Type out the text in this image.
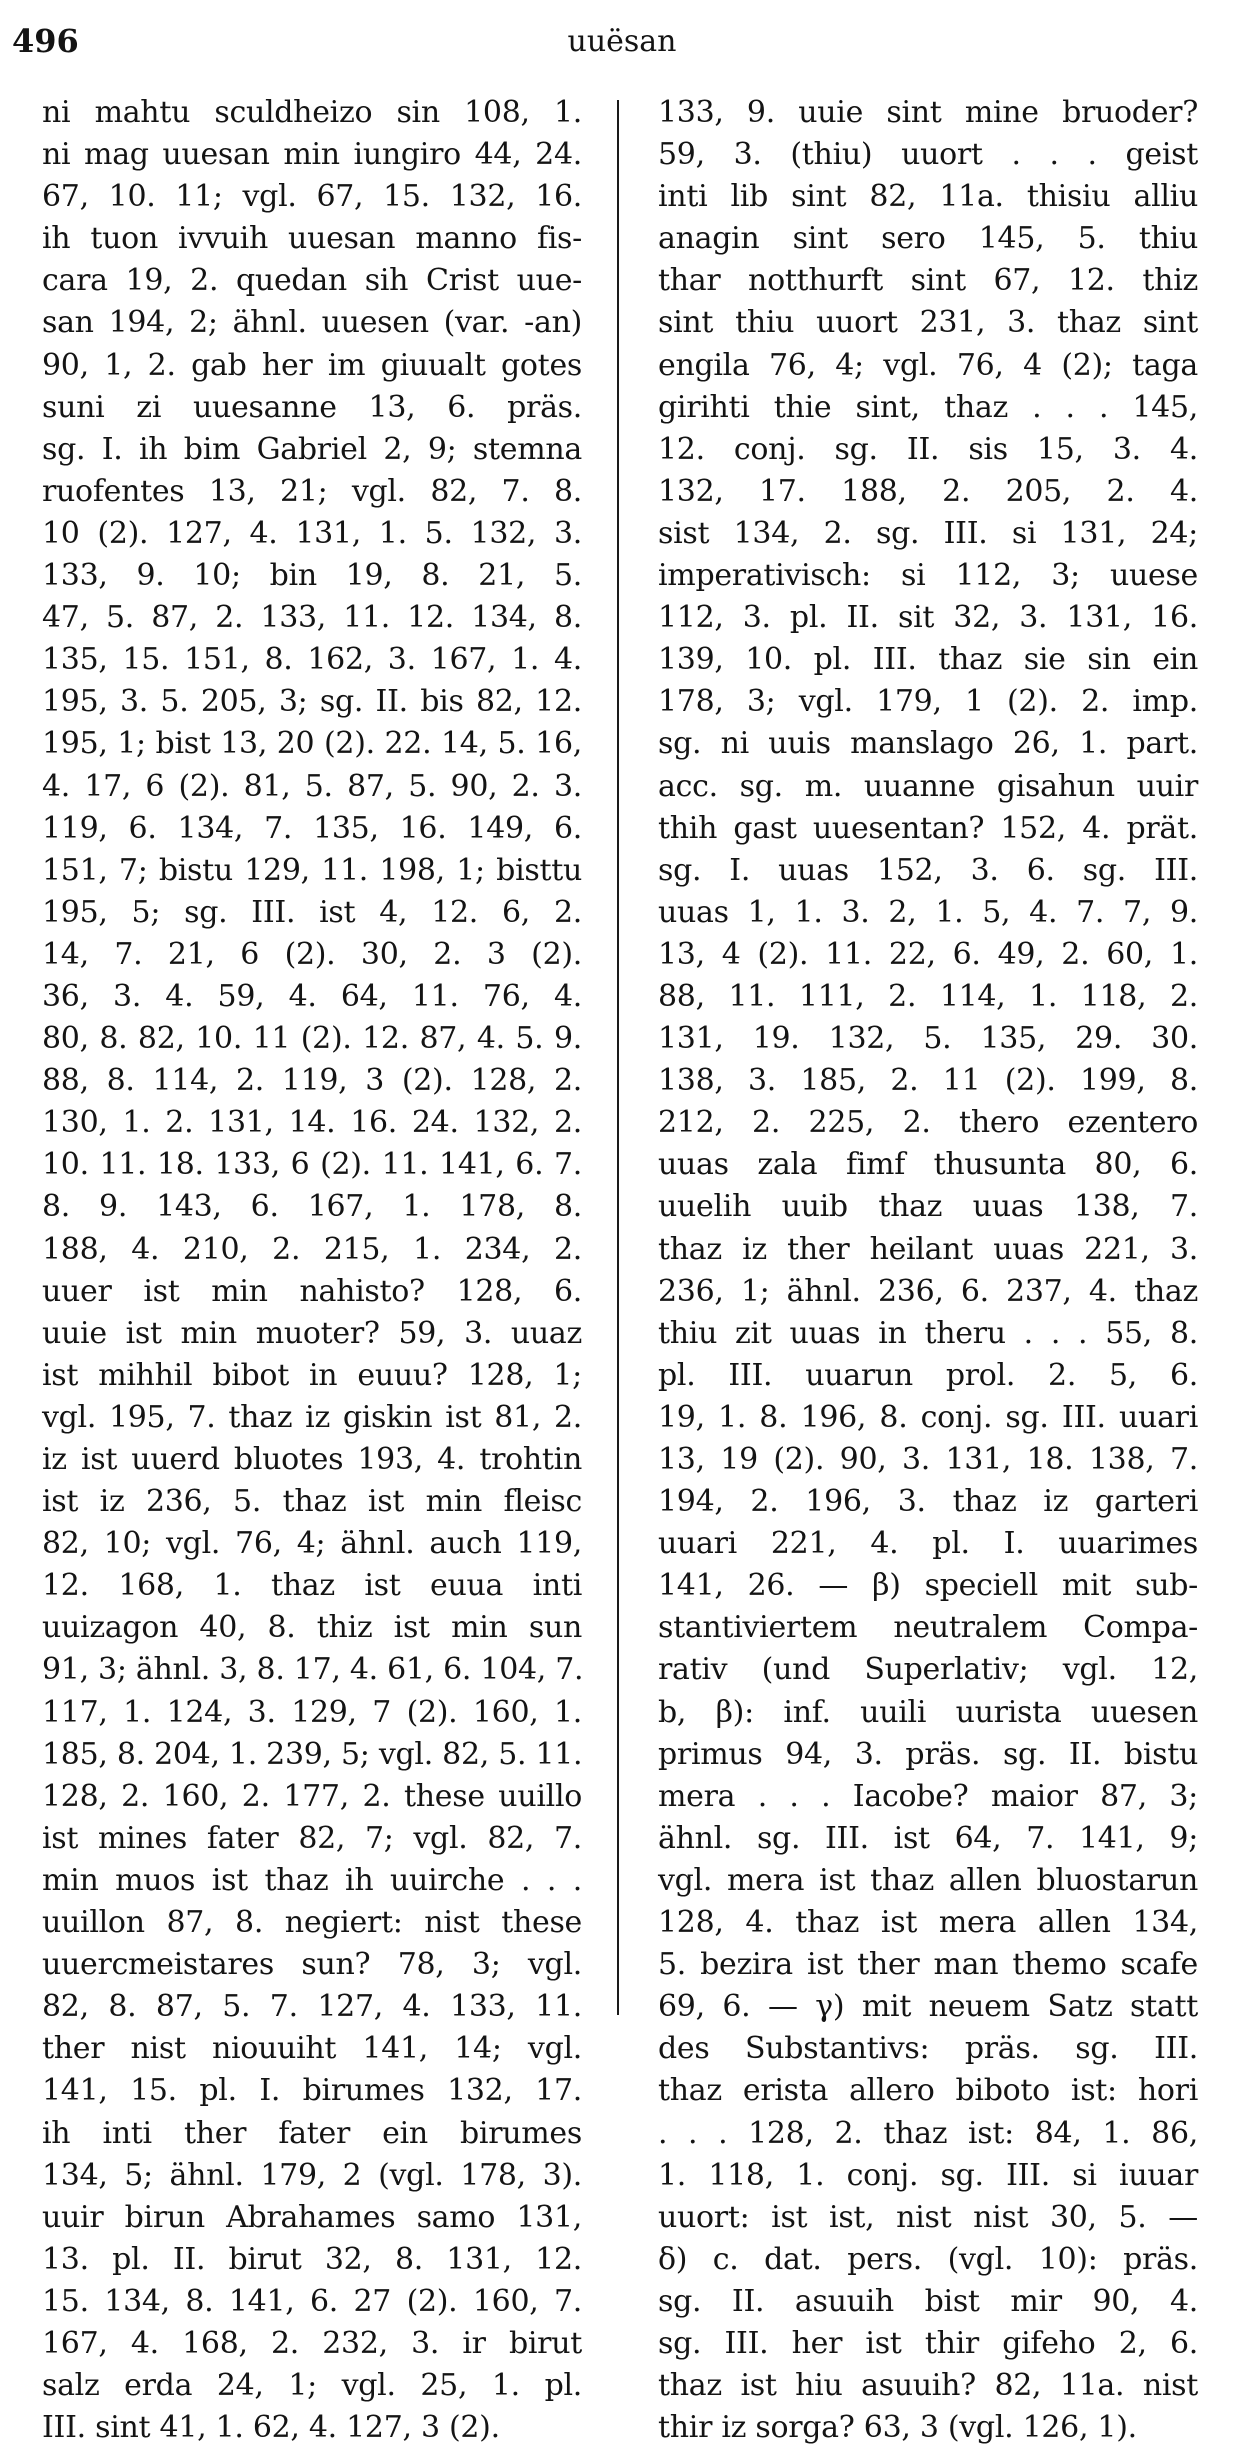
496	uuësan
ni mahtu sculdheizo sin 108, 1.
ni mag uuesan min iungiro 44, 24.
67, 10. 11; vgl. 67, 15. 132, 16.
ih tuon ivvuih uuesan manno fis-
cara 19, 2. quedan sih Crist uue-
san 194, 2; ähnl. uuesen (var. -an)
90, 1, 2. gab her im giuualt gotes
suni zi uuesanne 13, 6. präs.
sg. I. ih bim Gabriel 2, 9; stemna
ruofentes 13, 21; vgl. 82, 7. 8.
10 (2). 127, 4. 131, 1. 5. 132, 3.
133, 9. 10; bin 19, 8. 21, 5.
47, 5. 87, 2. 133, 11. 12. 134, 8.
135, 15. 151, 8. 162, 3. 167, 1. 4.
195, 3. 5. 205, 3; sg. II. bis 82, 12.
195, 1; bist 13, 20 (2). 22. 14, 5. 16,
4. 17, 6 (2). 81, 5. 87, 5. 90, 2. 3.
119, 6. 134, 7. 135, 16. 149, 6.
151, 7; bistu 129, 11. 198, 1; bisttu
195, 5; sg. III. ist 4, 12. 6, 2.
14, 7. 21, 6 (2). 30, 2. 3 (2).
36, 3. 4. 59, 4. 64, 11. 76, 4.
80, 8. 82, 10. 11 (2). 12. 87, 4. 5. 9.
88, 8. 114, 2. 119, 3 (2). 128, 2.
130, 1. 2. 131, 14. 16. 24. 132, 2.
10. 11. 18. 133, 6 (2). 11. 141, 6. 7.
8. 9. 143, 6. 167, 1. 178, 8.
188, 4. 210, 2. 215, 1. 234, 2.
uuer ist min nahisto? 128, 6.
uuie ist min muoter? 59, 3. uuaz
ist mihhil bibot in euuu? 128, 1;
vgl. 195, 7. thaz iz giskin ist 81, 2.
iz ist uuerd bluotes 193, 4. trohtin
ist iz 236, 5. thaz ist min fleisc
82, 10; vgl. 76, 4; ähnl. auch 119,
12. 168, 1. thaz ist euua inti
uuizagon 40, 8. thiz ist min sun
91, 3; ähnl. 3, 8. 17, 4. 61, 6. 104, 7.
117, 1. 124, 3. 129, 7 (2). 160, 1.
185, 8. 204, 1. 239, 5; vgl. 82, 5. 11.
128, 2. 160, 2. 177, 2. these uuillo
ist mines fater 82, 7; vgl. 82, 7.
min muos ist thaz ih uuirche . . .
uuillon 87, 8. negiert: nist these
uuercmeistares sun? 78, 3; vgl.
82, 8. 87, 5. 7. 127, 4. 133, 11.
ther nist niouuiht 141, 14; vgl.
141, 15. pl. I. birumes 132, 17.
ih inti ther fater ein birumes
134, 5; ähnl. 179, 2 (vgl. 178, 3).
uuir birun Abrahames samo 131,
13. pl. II. birut 32, 8. 131, 12.
15. 134, 8. 141, 6. 27 (2). 160, 7.
167, 4. 168, 2. 232, 3. ir birut
salz erda 24, 1; vgl. 25, 1. pl.
III. sint 41, 1. 62, 4. 127, 3 (2).
133, 9. uuie sint mine bruoder?
59, 3. (thiu) uuort . . . geist
inti lib sint 82, 11a. thisiu alliu
anagin sint sero 145, 5. thiu
thar notthurft sint 67, 12. thiz
sint thiu uuort 231, 3. thaz sint
engila 76, 4; vgl. 76, 4 (2); taga
girihti thie sint, thaz . . . 145,
12. conj. sg. II. sis 15, 3. 4.
132, 17. 188, 2. 205, 2. 4.
sist 134, 2. sg. III. si 131, 24;
imperativisch: si 112, 3; uuese
112, 3. pl. II. sit 32, 3. 131, 16.
139, 10. pl. III. thaz sie sin ein
178, 3; vgl. 179, 1 (2). 2. imp.
sg. ni uuis manslago 26, 1. part.
acc. sg. m. uuanne gisahun uuir
thih gast uuesentan? 152, 4. prät.
sg. I. uuas 152, 3. 6. sg. III.
uuas 1, 1. 3. 2, 1. 5, 4. 7. 7, 9.
13, 4 (2). 11. 22, 6. 49, 2. 60, 1.
88, 11. 111, 2. 114, 1. 118, 2.
131, 19. 132, 5. 135, 29. 30.
138, 3. 185, 2. 11 (2). 199, 8.
212, 2. 225, 2. thero ezentero
uuas zala fimf thusunta 80, 6.
uuelih uuib thaz uuas 138, 7.
thaz iz ther heilant uuas 221, 3.
236, 1; ähnl. 236, 6. 237, 4. thaz
thiu zit uuas in theru . . . 55, 8.
pl. III. uuarun prol. 2. 5, 6.
19, 1. 8. 196, 8. conj. sg. III. uuari
13, 19 (2). 90, 3. 131, 18. 138, 7.
194, 2. 196, 3. thaz iz garteri
uuari 221, 4. pl. I. uuarimes
141, 26. — β) speciell mit sub-
stantiviertem neutralem Compa-
rativ (und Superlativ; vgl. 12,
b, β): inf. uuili uurista uuesen
primus 94, 3. präs. sg. II. bistu
mera . . . Iacobe? maior 87, 3;
ähnl. sg. III. ist 64, 7. 141, 9;
vgl. mera ist thaz allen bluostarun
128, 4. thaz ist mera allen 134,
5. bezira ist ther man themo scafe
69, 6. — γ) mit neuem Satz statt
des Substantivs: präs. sg. III.
thaz erista allero biboto ist: hori
. . . 128, 2. thaz ist: 84, 1. 86,
1. 118, 1. conj. sg. III. si iuuar
uuort: ist ist, nist nist 30, 5. —
δ) c. dat. pers. (vgl. 10): präs.
sg. II. asuuih bist mir 90, 4.
sg. III. her ist thir gifeho 2, 6.
thaz ist hiu asuuih? 82, 11a. nist
thir iz sorga? 63, 3 (vgl. 126, 1).
